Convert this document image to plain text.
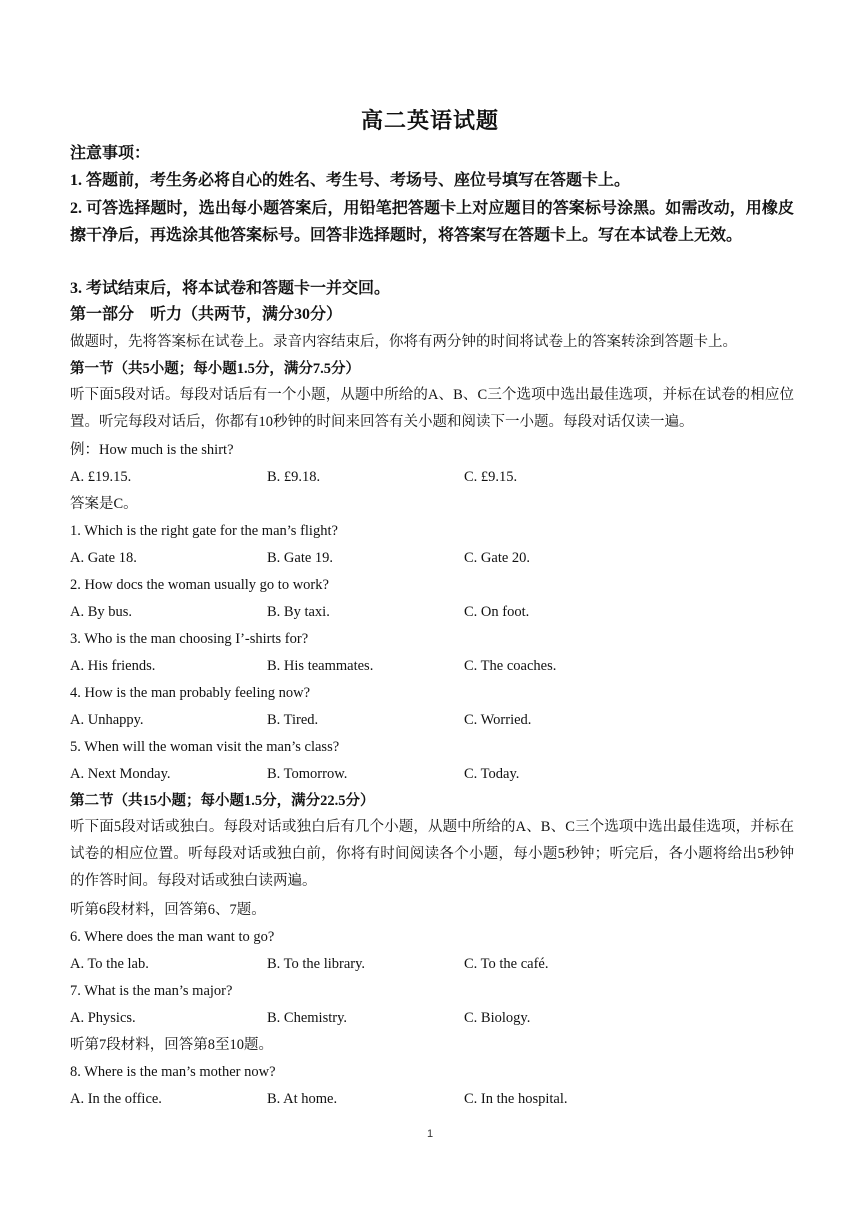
高二英语试题
注意事项：
1. 答题前，考生务必将自心的姓名、考生号、考场号、座位号填写在答题卡上。
2. 可答选择题时，选出每小题答案后，用铅笔把答题卡上对应题目的答案标号涂黑。如需改动，用橡皮擦干净后，再选涂其他答案标号。回答非选择题时，将答案写在答题卡上。写在本试卷上无效。
3. 考试结束后，将本试卷和答题卡一并交回。
第一部分　听力（共两节，满分30分）
做题时，先将答案标在试卷上。录音内容结束后，你将有两分钟的时间将试卷上的答案转涂到答题卡上。
第一节（共5小题；每小题1.5分，满分7.5分）
听下面5段对话。每段对话后有一个小题，从题中所给的A、B、C三个选项中选出最佳选项，并标在试卷的相应位置。听完每段对话后，你都有10秒钟的时间来回答有关小题和阅读下一小题。每段对话仅读一遍。
例：How much is the shirt?
A. £19.15.	B. £9.18.	C. £9.15.
答案是C。
1. Which is the right gate for the man’s flight?
A. Gate 18.	B. Gate 19.	C. Gate 20.
2. How docs the woman usually go to work?
A. By bus.	B. By taxi.	C. On foot.
3. Who is the man choosing I’-shirts for?
A. His friends.	B. His teammates.	C. The coaches.
4. How is the man probably feeling now?
A. Unhappy.	B. Tired.	C. Worried.
5. When will the woman visit the man’s class?
A. Next Monday.	B. Tomorrow.	C. Today.
第二节（共15小题；每小题1.5分，满分22.5分）
听下面5段对话或独白。每段对话或独白后有几个小题，从题中所给的A、B、C三个选项中选出最佳选项，并标在试卷的相应位置。听每段对话或独白前，你将有时间阅读各个小题，每小题5秒钟；听完后，各小题将给出5秒钟的作答时间。每段对话或独白读两遍。
听第6段材料，回答第6、7题。
6. Where does the man want to go?
A. To the lab.	B. To the library.	C. To the café.
7. What is the man’s major?
A. Physics.	B. Chemistry.	C. Biology.
听第7段材料，回答第8至10题。
8. Where is the man’s mother now?
A. In the office.	B. At home.	C. In the hospital.
1
